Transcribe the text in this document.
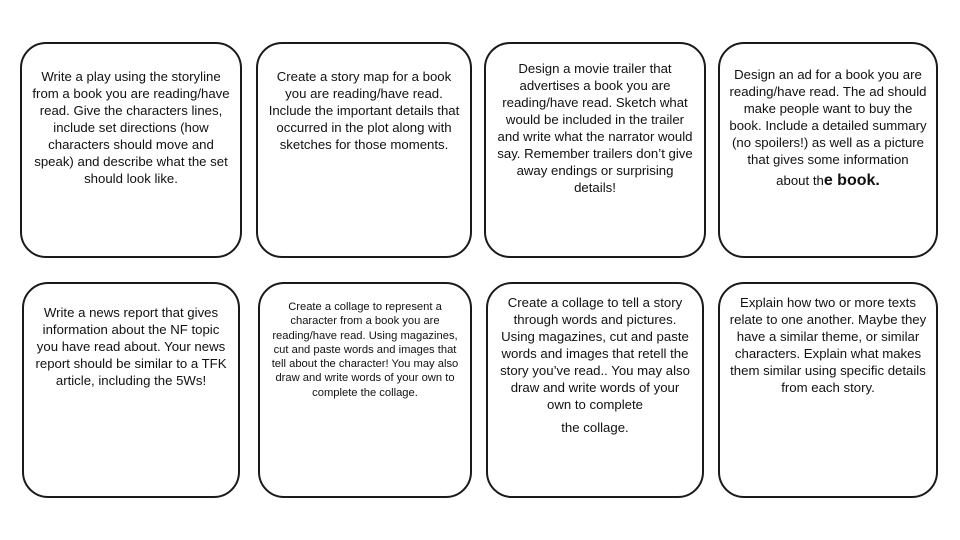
Write a play using the storyline from a book you are reading/have read. Give the characters lines, include set directions (how characters should move and speak) and describe what the set should look like.

Create a story map for a book you are reading/have read. Include the important details that occurred in the plot along with sketches for those moments.

Design a movie trailer that advertises a book you are reading/have read. Sketch what would be included in the trailer and write what the narrator would say. Remember trailers don’t give away endings or surprising details!

Design an ad for a book you are reading/have read. The ad should make people want to buy the book. Include a detailed summary (no spoilers!) as well as a picture that gives some information
about the book.

Write a news report that gives information about the NF topic you have read about. Your news report should be similar to a TFK article, including the 5Ws!

Create a collage to represent a character from a book you are reading/have read. Using magazines, cut and paste words and images that tell about the character! You may also draw and write words of your own to complete the collage.

Create a collage to tell a story through words and pictures. Using magazines, cut and paste words and images that retell the story you’ve read.. You may also draw and write words of your own to complete
the collage.

Explain how two or more texts relate to one another. Maybe they have a similar theme, or similar characters. Explain what makes them similar using specific details from each story.
